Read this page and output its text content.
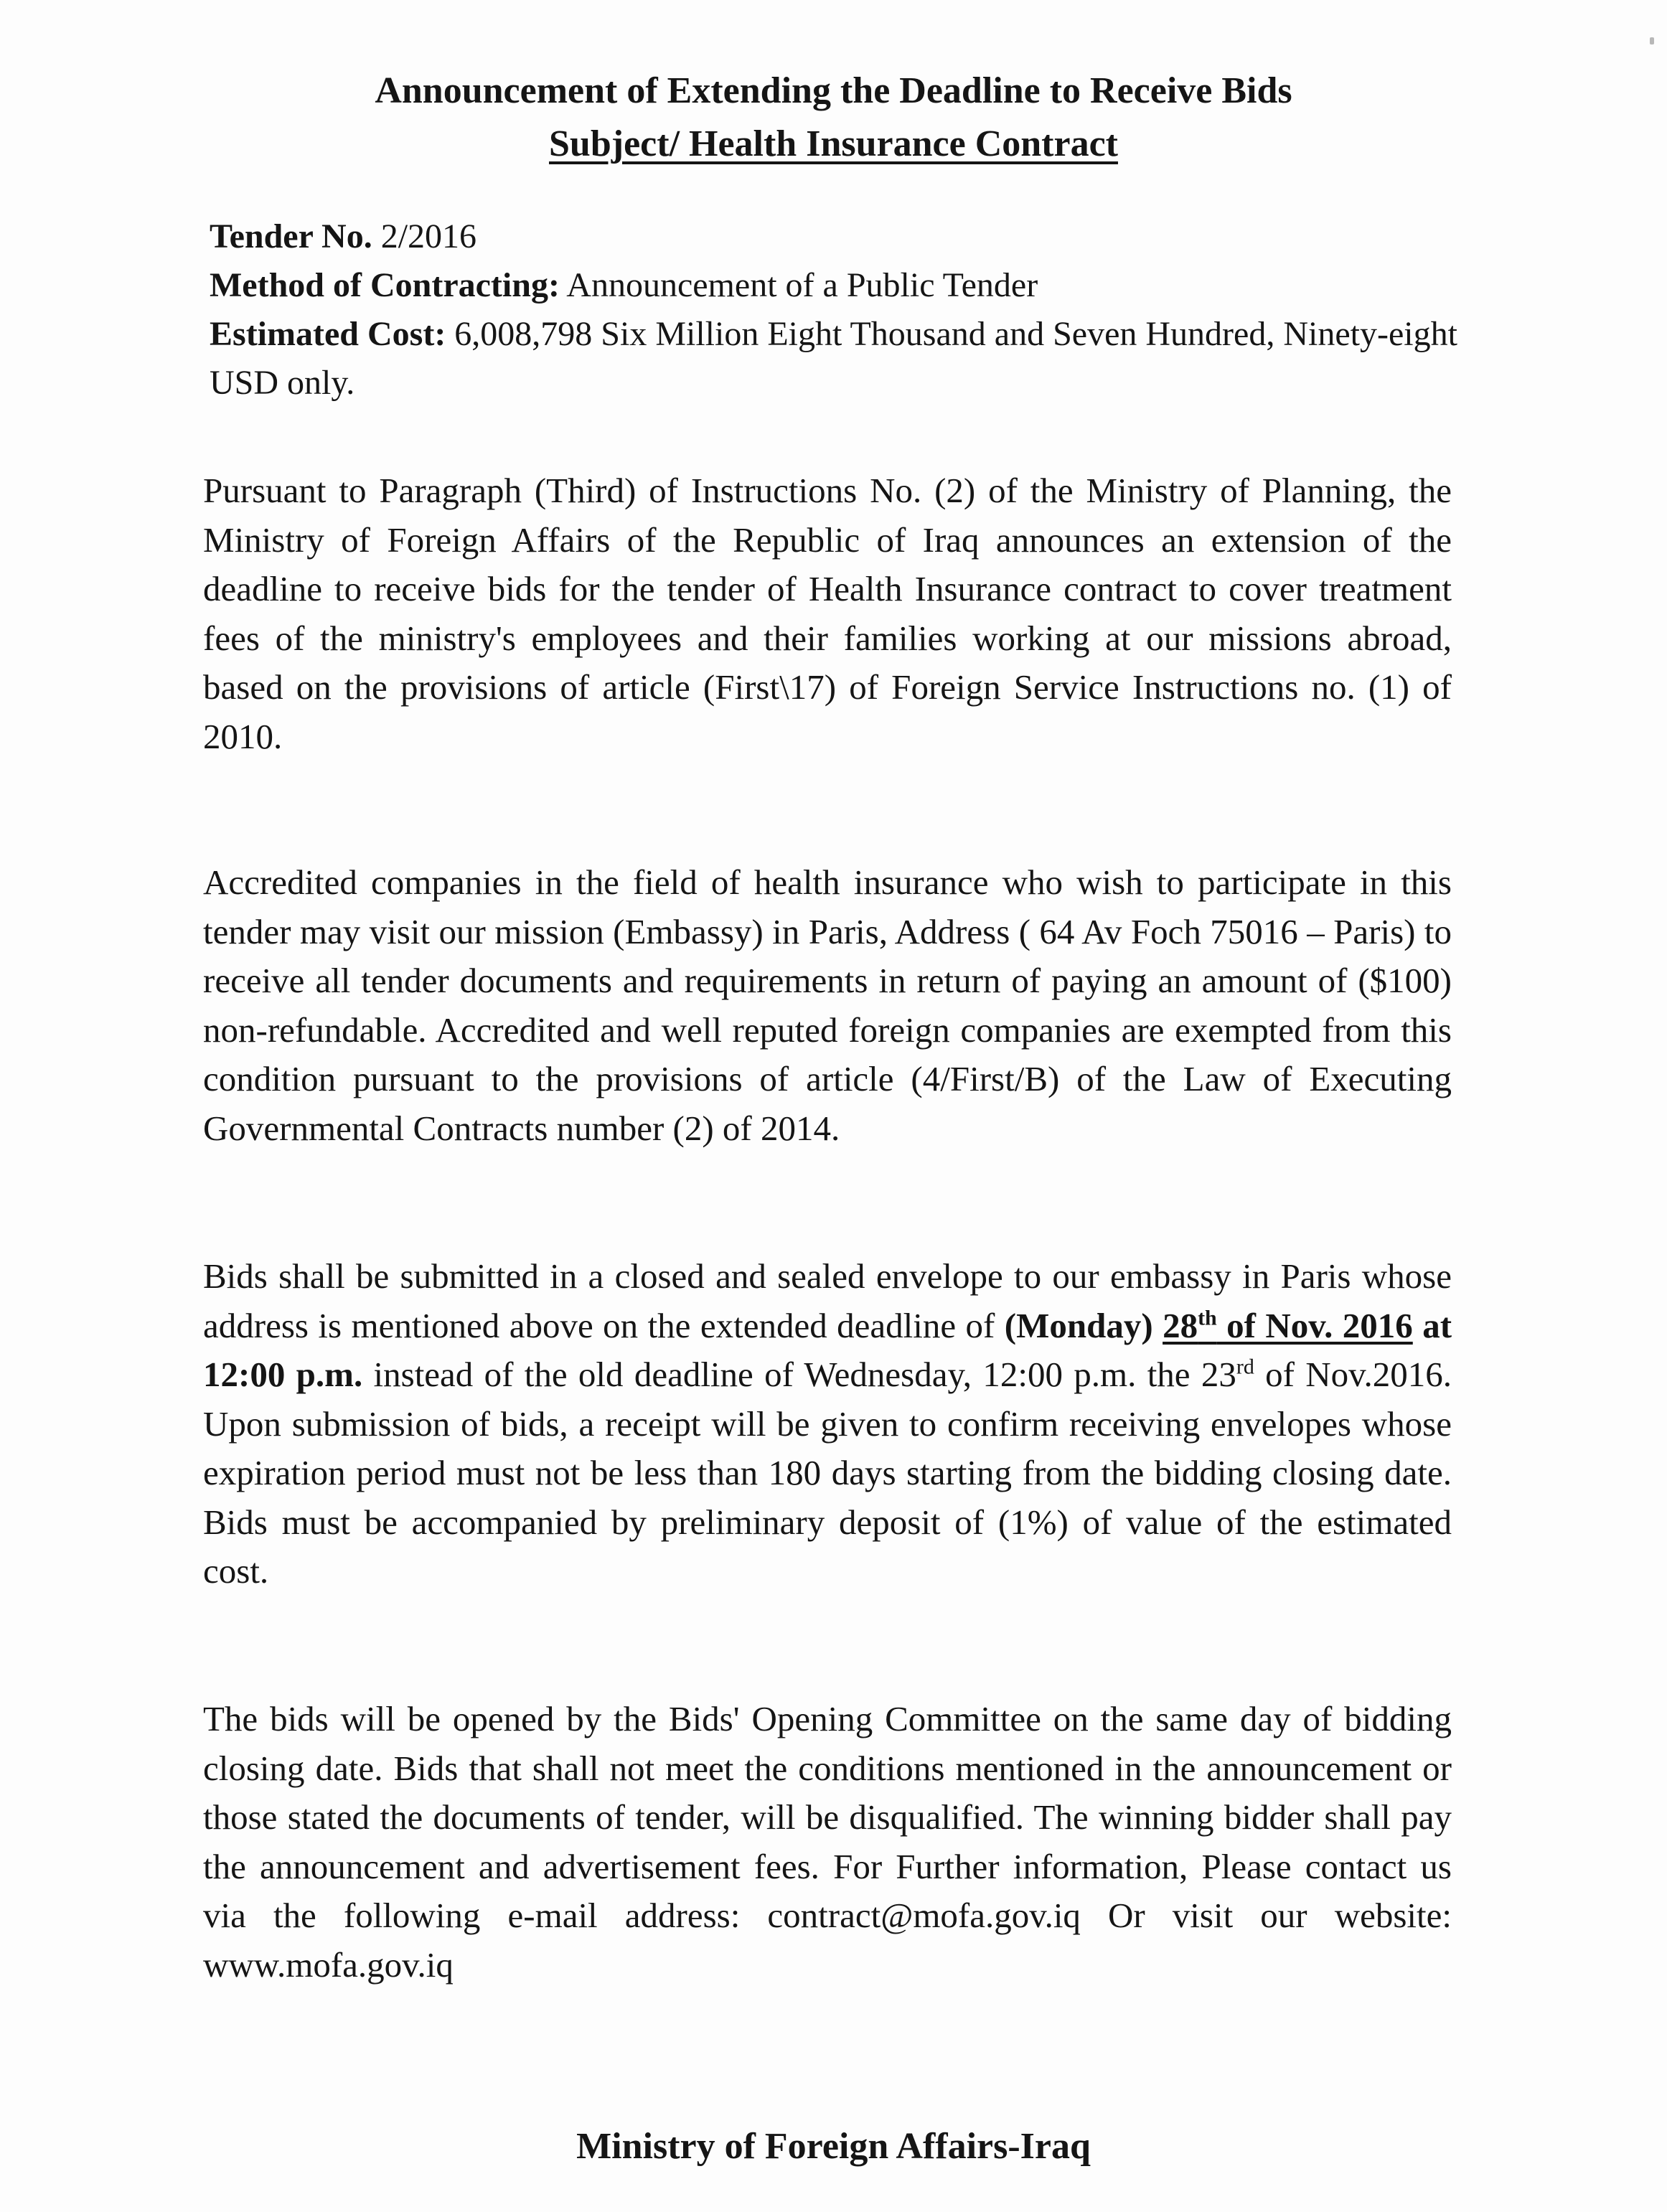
Announcement of Extending the Deadline to Receive Bids
Subject/ Health Insurance Contract

Tender No. 2/2016

Method of Contracting: Announcement of a Public Tender

Estimated Cost: 6,008,798 Six Million Eight Thousand and Seven Hundred, Ninety-eight USD only.

Pursuant to Paragraph (Third) of Instructions No. (2) of the Ministry of Planning, the Ministry of Foreign Affairs of the Republic of Iraq announces an extension of the deadline to receive bids for the tender of Health Insurance contract to cover treatment fees of the ministry's employees and their families working at our missions abroad, based on the provisions of article (First\17) of Foreign Service Instructions no. (1) of 2010.

Accredited companies in the field of health insurance who wish to participate in this tender may visit our mission (Embassy) in Paris, Address ( 64 Av Foch 75016 – Paris) to receive all tender documents and requirements in return of paying an amount of ($100) non-refundable. Accredited and well reputed foreign companies are exempted from this condition pursuant to the provisions of article (4/First/B) of the Law of Executing Governmental Contracts number (2) of 2014.

Bids shall be submitted in a closed and sealed envelope to our embassy in Paris whose address is mentioned above on the extended deadline of (Monday) 28th of Nov. 2016 at 12:00 p.m. instead of the old deadline of Wednesday, 12:00 p.m. the 23rd of Nov.2016. Upon submission of bids, a receipt will be given to confirm receiving envelopes whose expiration period must not be less than 180 days starting from the bidding closing date. Bids must be accompanied by preliminary deposit of (1%) of value of the estimated cost.

The bids will be opened by the Bids' Opening Committee on the same day of bidding closing date. Bids that shall not meet the conditions mentioned in the announcement or those stated the documents of tender, will be disqualified. The winning bidder shall pay the announcement and advertisement fees. For Further information, Please contact us via the following e-mail address: contract@mofa.gov.iq Or visit our website: www.mofa.gov.iq

Ministry of Foreign Affairs-Iraq
